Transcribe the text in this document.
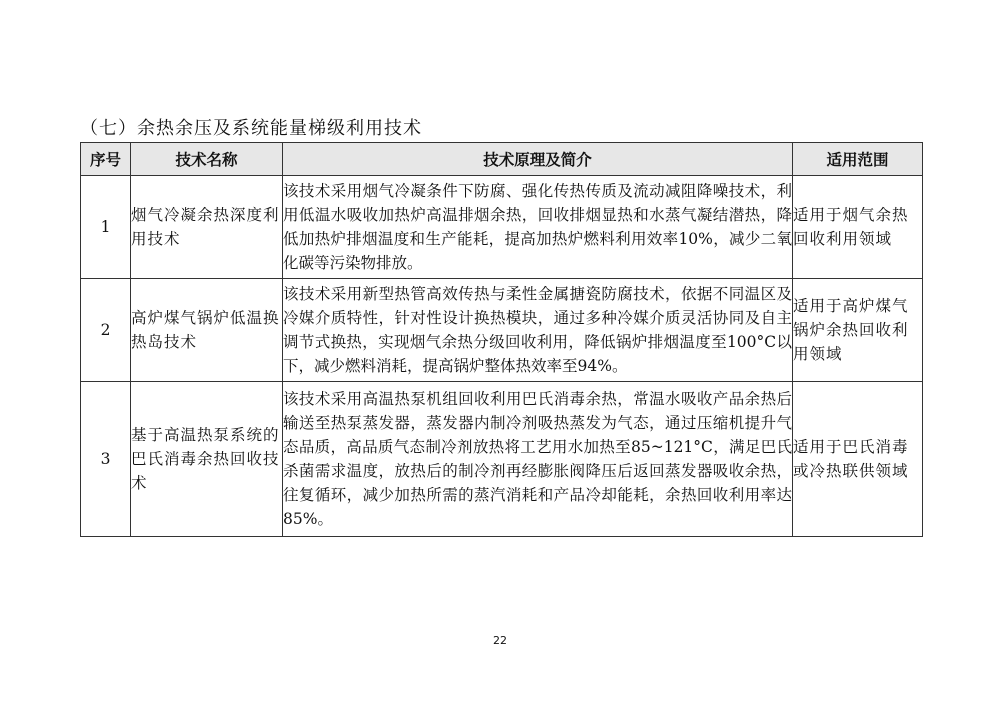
（七）余热余压及系统能量梯级利用技术
序号	技术名称	技术原理及简介	适用范围
1	烟气冷凝余热深度利用技术	该技术采用烟气冷凝条件下防腐、强化传热传质及流动减阻降噪技术，利用低温水吸收加热炉高温排烟余热，回收排烟显热和水蒸气凝结潜热，降低加热炉排烟温度和生产能耗，提高加热炉燃料利用效率10%，减少二氧化碳等污染物排放。	适用于烟气余热回收利用领域
2	高炉煤气锅炉低温换热岛技术	该技术采用新型热管高效传热与柔性金属搪瓷防腐技术，依据不同温区及冷媒介质特性，针对性设计换热模块，通过多种冷媒介质灵活协同及自主调节式换热，实现烟气余热分级回收利用，降低锅炉排烟温度至100°C以下，减少燃料消耗，提高锅炉整体热效率至94%。	适用于高炉煤气锅炉余热回收利用领域
3	基于高温热泵系统的巴氏消毒余热回收技术	该技术采用高温热泵机组回收利用巴氏消毒余热，常温水吸收产品余热后输送至热泵蒸发器，蒸发器内制冷剂吸热蒸发为气态，通过压缩机提升气态品质，高品质气态制冷剂放热将工艺用水加热至85~121°C，满足巴氏杀菌需求温度，放热后的制冷剂再经膨胀阀降压后返回蒸发器吸收余热，往复循环，减少加热所需的蒸汽消耗和产品冷却能耗，余热回收利用率达85%。	适用于巴氏消毒或冷热联供领域
22
